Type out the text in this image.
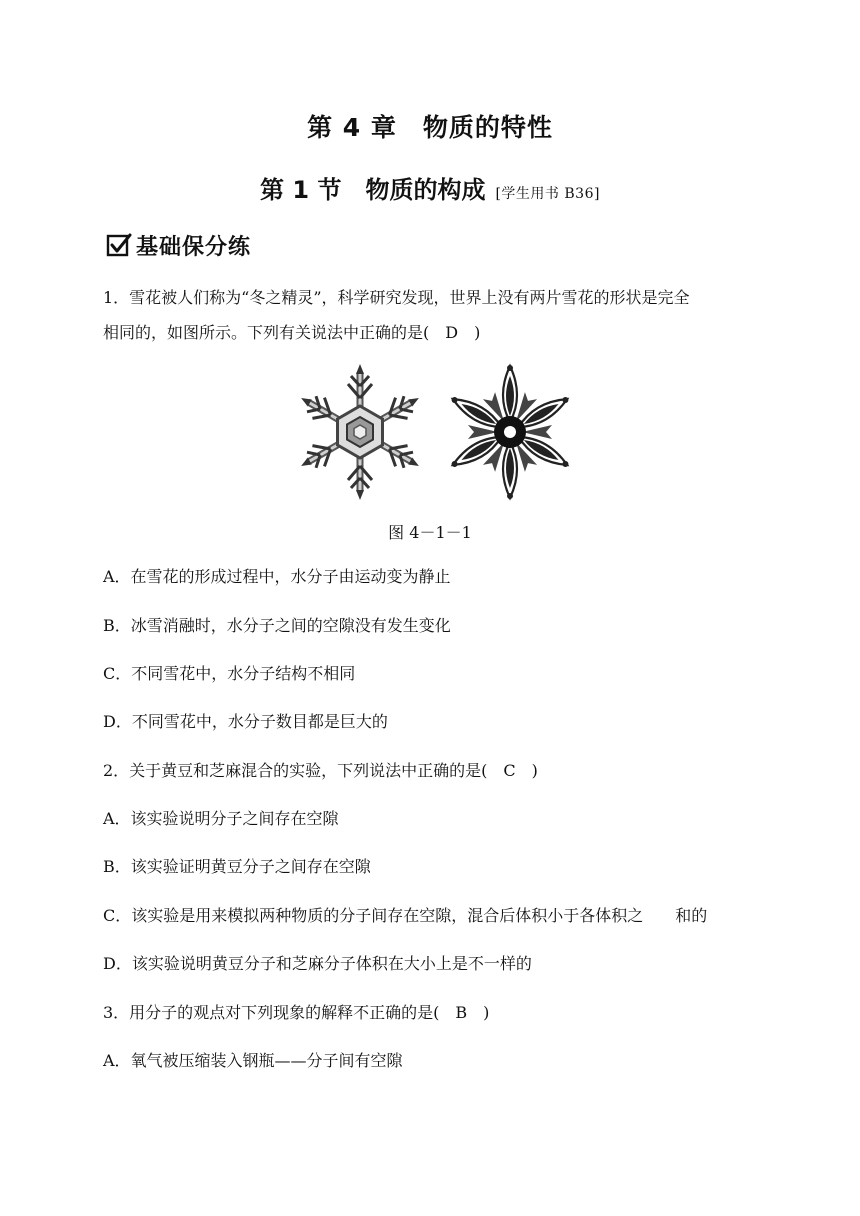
第 4 章　物质的特性
第 1 节　物质的构成 [学生用书 B36]
基础保分练
1．雪花被人们称为“冬之精灵”，科学研究发现，世界上没有两片雪花的形状是完全
相同的，如图所示。下列有关说法中正确的是(　D　)
图 4－1－1
A．在雪花的形成过程中，水分子由运动变为静止
B．冰雪消融时，水分子之间的空隙没有发生变化
C．不同雪花中，水分子结构不相同
D．不同雪花中，水分子数目都是巨大的
2．关于黄豆和芝麻混合的实验，下列说法中正确的是(　C　)
A．该实验说明分子之间存在空隙
B．该实验证明黄豆分子之间存在空隙
C．该实验是用来模拟两种物质的分子间存在空隙，混合后体积小于各体积之　　和的
D．该实验说明黄豆分子和芝麻分子体积在大小上是不一样的
3．用分子的观点对下列现象的解释不正确的是(　B　)
A．氧气被压缩装入钢瓶——分子间有空隙
